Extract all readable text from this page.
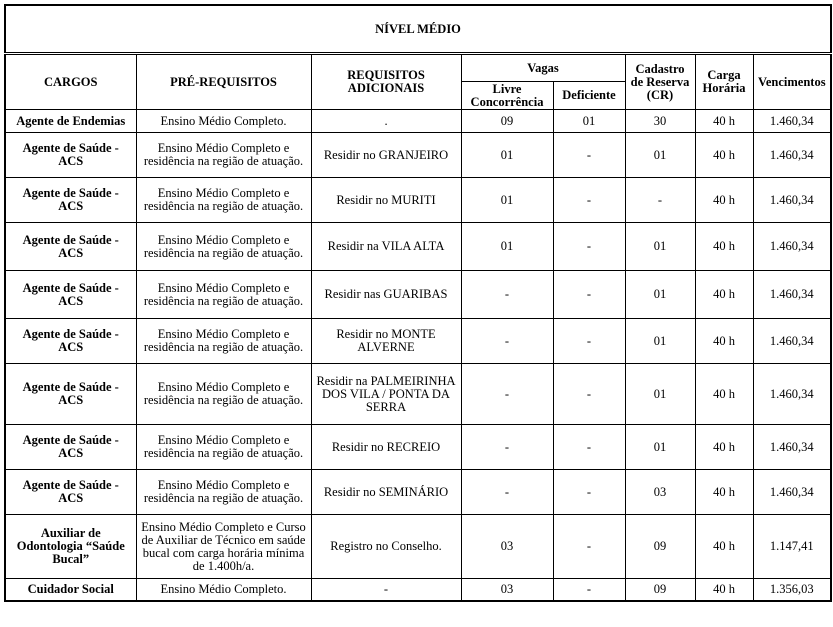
NÍVEL MÉDIO							
CARGOS	PRÉ-REQUISITOS	REQUISITOS ADICIONAIS	Vagas		Cadastro de Reserva (CR)	Carga Horária	Vencimentos
			Livre Concorrência	Deficiente			
Agente de Endemias	Ensino Médio Completo.	.	09	01	30	40 h	1.460,34
Agente de Saúde - ACS	Ensino Médio Completo e residência na região de atuação.	Residir no GRANJEIRO	01	-	01	40 h	1.460,34
Agente de Saúde - ACS	Ensino Médio Completo e residência na região de atuação.	Residir no MURITI	01	-	-	40 h	1.460,34
Agente de Saúde - ACS	Ensino Médio Completo e residência na região de atuação.	Residir na VILA ALTA	01	-	01	40 h	1.460,34
Agente de Saúde - ACS	Ensino Médio Completo e residência na região de atuação.	Residir nas GUARIBAS	-	-	01	40 h	1.460,34
Agente de Saúde - ACS	Ensino Médio Completo e residência na região de atuação.	Residir no MONTE ALVERNE	-	-	01	40 h	1.460,34
Agente de Saúde - ACS	Ensino Médio Completo e residência na região de atuação.	Residir na PALMEIRINHA DOS VILA / PONTA DA SERRA	-	-	01	40 h	1.460,34
Agente de Saúde - ACS	Ensino Médio Completo e residência na região de atuação.	Residir no RECREIO	-	-	01	40 h	1.460,34
Agente de Saúde - ACS	Ensino Médio Completo e residência na região de atuação.	Residir no SEMINÁRIO	-	-	03	40 h	1.460,34
Auxiliar de Odontologia “Saúde Bucal”	Ensino Médio Completo e Curso de Auxiliar de Técnico em saúde bucal com carga horária mínima de 1.400h/a.	Registro no Conselho.	03	-	09	40 h	1.147,41
Cuidador Social	Ensino Médio Completo.	-	03	-	09	40 h	1.356,03
